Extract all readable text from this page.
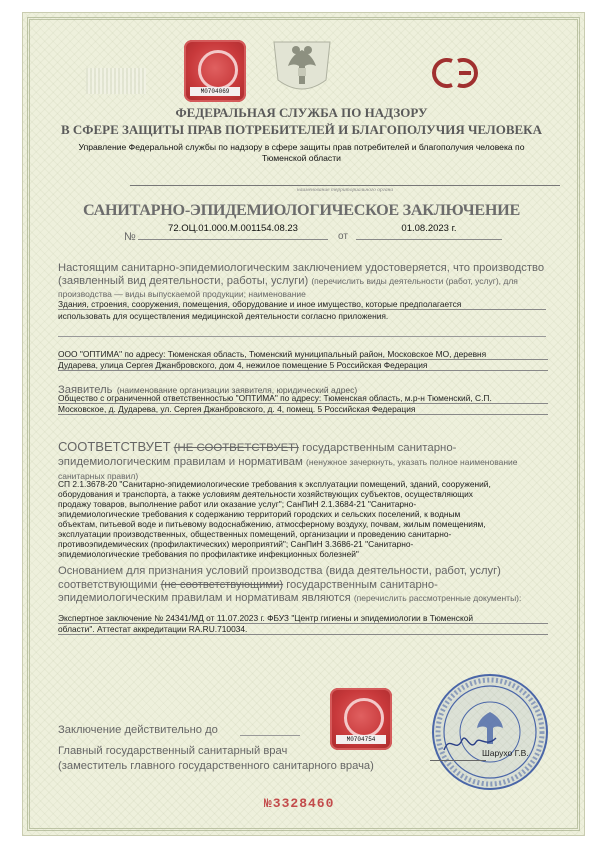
М0704069
ФЕДЕРАЛЬНАЯ СЛУЖБА ПО НАДЗОРУ
В СФЕРЕ ЗАЩИТЫ ПРАВ ПОТРЕБИТЕЛЕЙ И БЛАГОПОЛУЧИЯ ЧЕЛОВЕКА
Управление Федеральной службы по надзору в сфере защиты прав потребителей и благополучия человека по
Тюменской области
наименование территориального органа
САНИТАРНО-ЭПИДЕМИОЛОГИЧЕСКОЕ ЗАКЛЮЧЕНИЕ
№
72.ОЦ.01.000.М.001154.08.23
от
01.08.2023 г.
Настоящим санитарно-эпидемиологическим заключением удостоверяется, что производство (заявленный вид деятельности, работы, услуги) (перечислить виды деятельности (работ, услуг), для производства — виды выпускаемой продукции; наименование
Здания, строения, сооружения, помещения, оборудование и иное имущество, которые предполагается
использовать для осуществления медицинской деятельности согласно приложения.
ООО "ОПТИМА" по адресу: Тюменская область, Тюменский муниципальный район, Московское МО, деревня
Дударева, улица Сергея Джанбровского, дом 4, нежилое помещение 5 Российская Федерация
Заявитель (наименование организации заявителя, юридический адрес)
Общество с ограниченной ответственностью "ОПТИМА" по адресу: Тюменская область, м.р-н Тюменский, С.П.
Московское, д. Дударева, ул. Сергея Джанбровского, д. 4, помещ. 5 Российская Федерация
СООТВЕТСТВУЕТ (НЕ СООТВЕТСТВУЕТ) государственным санитарно-эпидемиологическим правилам и нормативам (ненужное зачеркнуть, указать полное наименование санитарных правил)
СП 2.1.3678-20 "Санитарно-эпидемиологические требования к эксплуатации помещений, зданий, сооружений,
оборудования и транспорта, а также условиям деятельности хозяйствующих субъектов, осуществляющих
продажу товаров, выполнение работ или оказание услуг"; СанПиН 2.1.3684-21 "Санитарно-
эпидемиологические требования к содержанию территорий городских и сельских поселений, к водным
объектам, питьевой воде и питьевому водоснабжению, атмосферному воздуху, почвам, жилым помещениям,
эксплуатации производственных, общественных помещений, организации и проведению санитарно-
противоэпидемических (профилактических) мероприятий"; СанПиН 3.3686-21 "Санитарно-
эпидемиологические требования по профилактике инфекционных болезней"
Основанием для признания условий производства (вида деятельности, работ, услуг) соответствующими (не соответствующими) государственным санитарно-эпидемиологическим правилам и нормативам являются (перечислить рассмотренные документы):
Экспертное заключение № 24341/МД от 11.07.2023 г. ФБУЗ "Центр гигиены и эпидемиологии в Тюменской
области". Аттестат аккредитации RA.RU.710034.
Заключение действительно до
Главный государственный санитарный врач
(заместитель главного государственного санитарного врача)
М0704754
Шарухо Г.В.
№3328460
